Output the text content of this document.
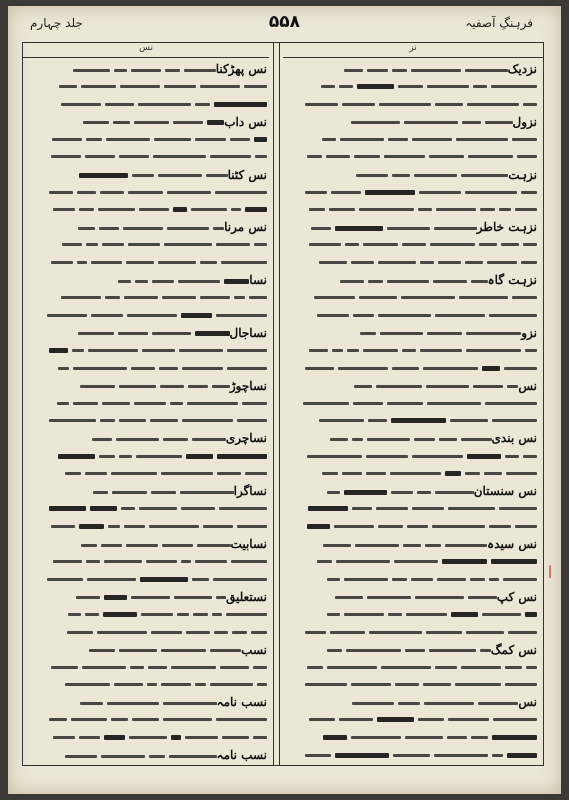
جلد چہارم	۵۵۸	فرہنگِ آصفیہ
نس	نز
نزدیک
نزول
نزہت
نزہت خاطر
نزہت گاہ
نزو
نس
نس بندی
نس سنستان
نس سیدہ
نس کپ
نس کمگ
نس
نس پھڑکنا
نس داب
نس کٹنا
نس مرنا
نسا
نساجال
نساچوڑ
نساچری
نساگرا
نسابیت
نستعلیق
نسب
نسب نامہ
نسب نامہ
|
